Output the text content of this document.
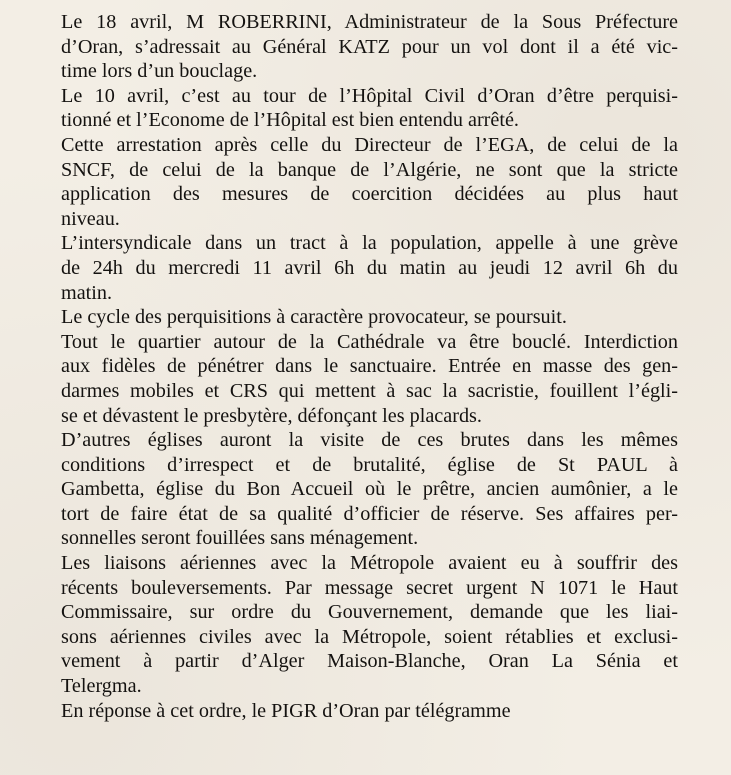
Le 18 avril, M ROBERRINI, Administrateur de la Sous Préfecture
d’Oran, s’adressait au Général KATZ pour un vol dont il a été vic-
time lors d’un bouclage.
Le 10 avril, c’est au tour de l’Hôpital Civil d’Oran d’être perquisi-
tionné et l’Econome de l’Hôpital est bien entendu arrêté.
Cette arrestation après celle du Directeur de l’EGA, de celui de la
SNCF, de celui de la banque de l’Algérie, ne sont que la stricte
application des mesures de coercition décidées au plus haut
niveau.
L’intersyndicale dans un tract à la population, appelle à une grève
de 24h du mercredi 11 avril 6h du matin au jeudi 12 avril 6h du
matin.
Le cycle des perquisitions à caractère provocateur, se poursuit.
Tout le quartier autour de la Cathédrale va être bouclé. Interdiction
aux fidèles de pénétrer dans le sanctuaire. Entrée en masse des gen-
darmes mobiles et CRS qui mettent à sac la sacristie, fouillent l’égli-
se et dévastent le presbytère, défonçant les placards.
D’autres églises auront la visite de ces brutes dans les mêmes
conditions d’irrespect et de brutalité, église de St PAUL à
Gambetta, église du Bon Accueil où le prêtre, ancien aumônier, a le
tort de faire état de sa qualité d’officier de réserve. Ses affaires per-
sonnelles seront fouillées sans ménagement.
Les liaisons aériennes avec la Métropole avaient eu à souffrir des
récents bouleversements. Par message secret urgent N 1071 le Haut
Commissaire, sur ordre du Gouvernement, demande que les liai-
sons aériennes civiles avec la Métropole, soient rétablies et exclusi-
vement à partir d’Alger Maison-Blanche, Oran La Sénia et
Telergma.
En réponse à cet ordre, le PIGR d’Oran par télégramme
